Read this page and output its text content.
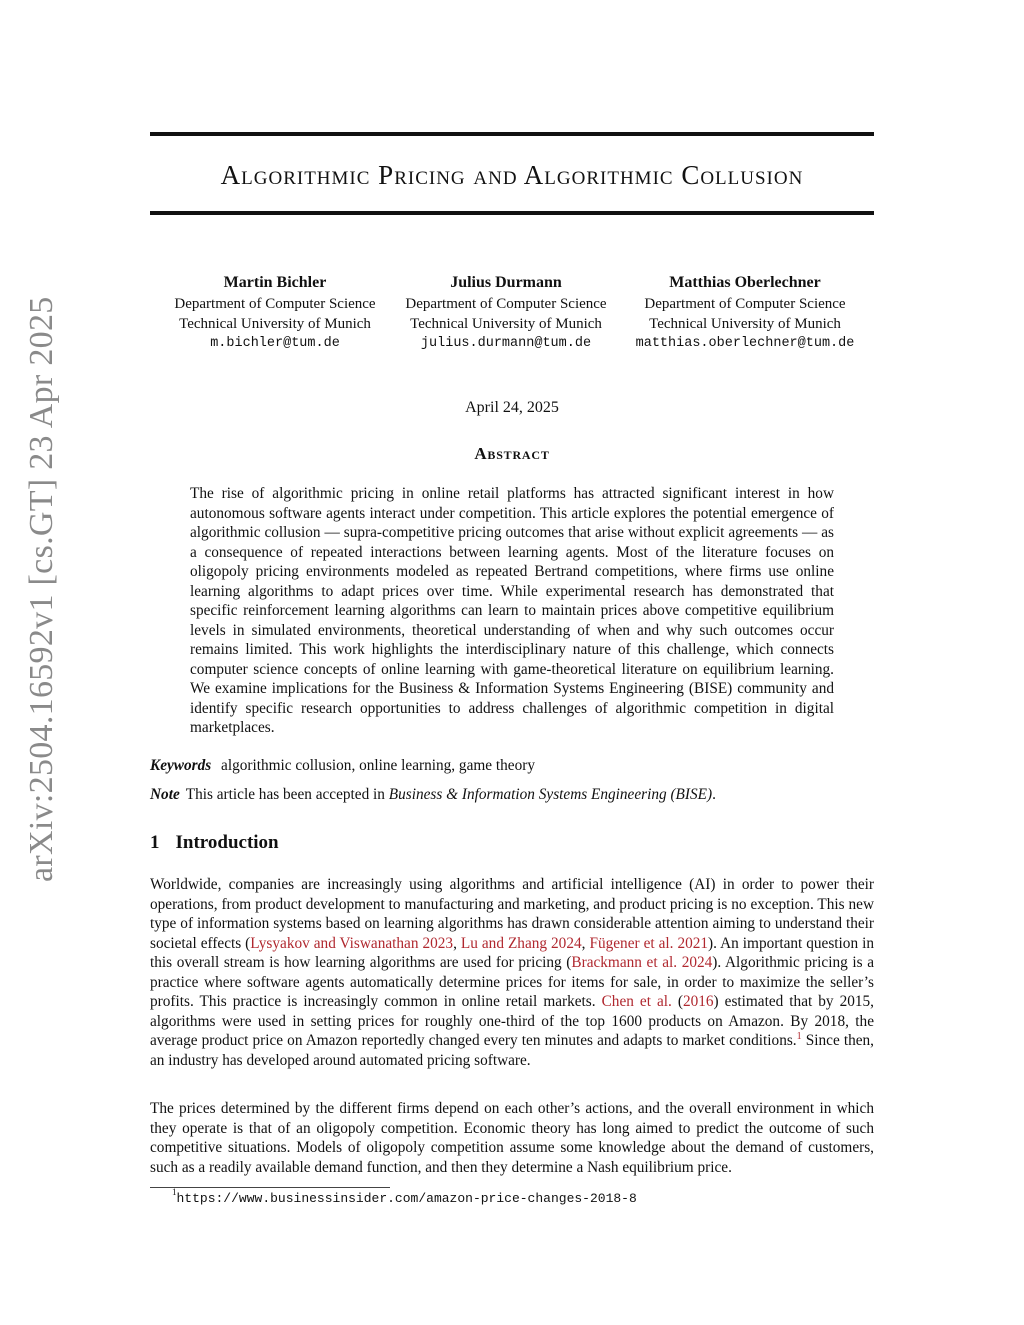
arXiv:2504.16592v1 [cs.GT] 23 Apr 2025
Algorithmic Pricing and Algorithmic Collusion
Martin Bichler
Department of Computer Science
Technical University of Munich
m.bichler@tum.de
Julius Durmann
Department of Computer Science
Technical University of Munich
julius.durmann@tum.de
Matthias Oberlechner
Department of Computer Science
Technical University of Munich
matthias.oberlechner@tum.de
April 24, 2025
Abstract
The rise of algorithmic pricing in online retail platforms has attracted significant interest in how autonomous software agents interact under competition. This article explores the potential emergence of algorithmic collusion — supra-competitive pricing outcomes that arise without explicit agreements — as a consequence of repeated interactions between learning agents. Most of the literature focuses on oligopoly pricing environments modeled as repeated Bertrand competitions, where firms use online learning algorithms to adapt prices over time. While experimental research has demonstrated that specific reinforcement learning algorithms can learn to maintain prices above competitive equilibrium levels in simulated environments, theoretical understanding of when and why such outcomes occur remains limited. This work highlights the interdisciplinary nature of this challenge, which connects computer science concepts of online learning with game-theoretical literature on equilibrium learning. We examine implications for the Business & Information Systems Engineering (BISE) community and identify specific research opportunities to address challenges of algorithmic competition in digital marketplaces.
Keywords algorithmic collusion, online learning, game theory
Note This article has been accepted in Business & Information Systems Engineering (BISE).
1 Introduction
Worldwide, companies are increasingly using algorithms and artificial intelligence (AI) in order to power their operations, from product development to manufacturing and marketing, and product pricing is no exception. This new type of information systems based on learning algorithms has drawn considerable attention aiming to understand their societal effects (Lysyakov and Viswanathan 2023, Lu and Zhang 2024, Fügener et al. 2021). An important question in this overall stream is how learning algorithms are used for pricing (Brackmann et al. 2024). Algorithmic pricing is a practice where software agents automatically determine prices for items for sale, in order to maximize the seller’s profits. This practice is increasingly common in online retail markets. Chen et al. (2016) estimated that by 2015, algorithms were used in setting prices for roughly one-third of the top 1600 products on Amazon. By 2018, the average product price on Amazon reportedly changed every ten minutes and adapts to market conditions.$^1$ Since then, an industry has developed around automated pricing software.
The prices determined by the different firms depend on each other’s actions, and the overall environment in which they operate is that of an oligopoly competition. Economic theory has long aimed to predict the outcome of such competitive situations. Models of oligopoly competition assume some knowledge about the demand of customers, such as a readily available demand function, and then they determine a Nash equilibrium price.
$^1$https://www.businessinsider.com/amazon-price-changes-2018-8
